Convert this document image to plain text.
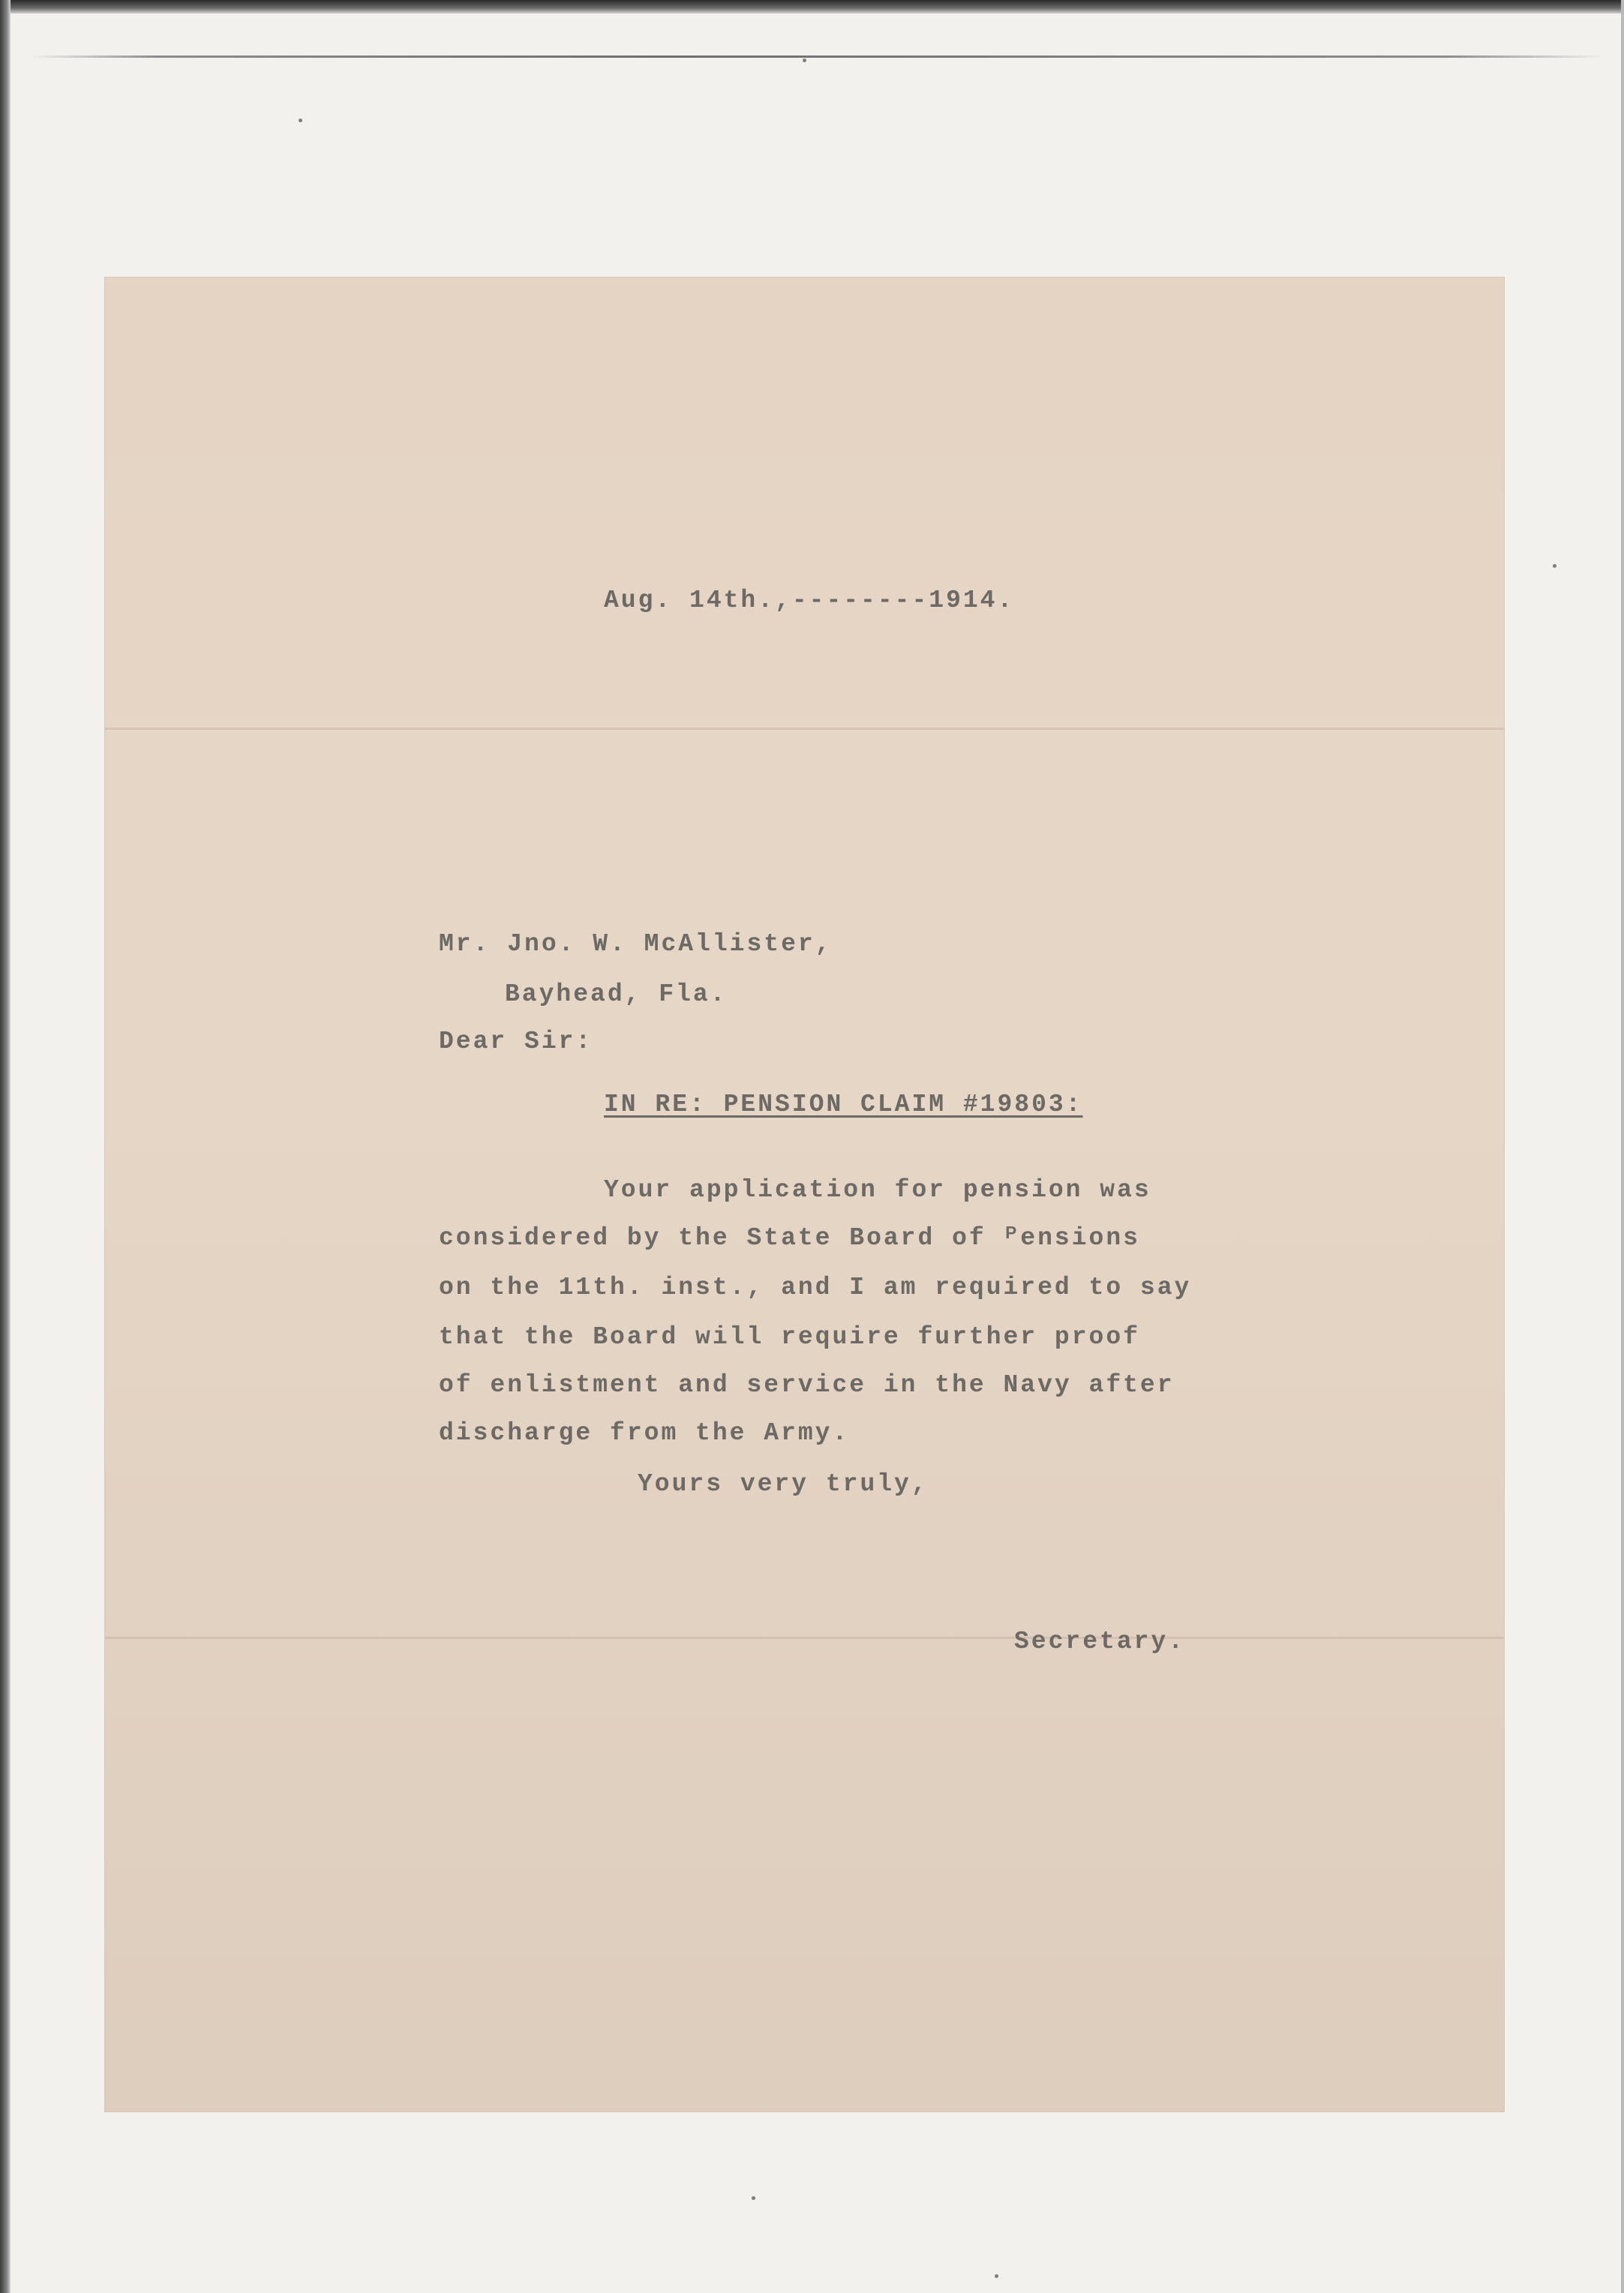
Aug. 14th.,--------1914.
Mr. Jno. W. McAllister,
Bayhead, Fla.
Dear Sir:
IN RE: PENSION CLAIM #19803:
Your application for pension was
considered by the State Board of ᴾensions
on the 11th. inst., and I am required to say
that the Board will require further proof
of enlistment and service in the Navy after
discharge from the Army.
Yours very truly,
Secretary.
